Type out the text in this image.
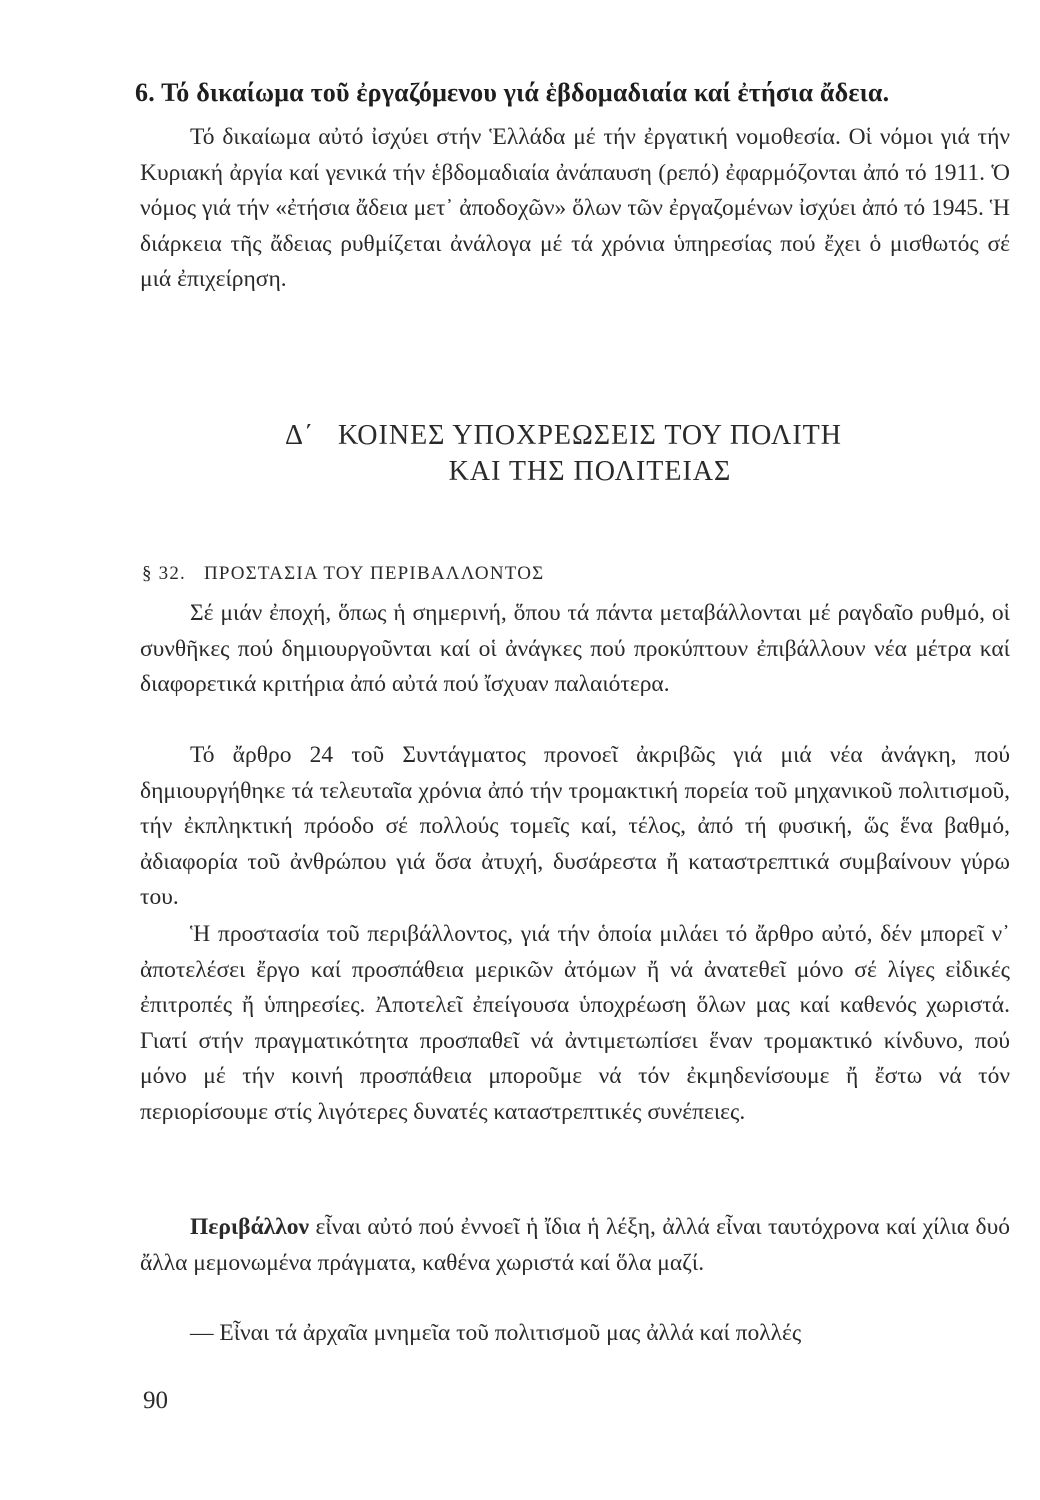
6. Τό δικαίωμα τοῦ ἐργαζόμενου γιά ἑβδομαδιαία καί ἐτήσια ἄδεια.

Τό δικαίωμα αὐτό ἰσχύει στήν Ἑλλάδα μέ τήν ἐργατική νομοθεσία. Οἱ νόμοι γιά τήν Κυριακή ἀργία καί γενικά τήν ἑβδομαδιαία ἀνάπαυση (ρεπό) ἐφαρμόζονται ἀπό τό 1911. Ὁ νόμος γιά τήν «ἐτήσια ἄδεια μετ᾽ ἀποδοχῶν» ὅλων τῶν ἐργαζομένων ἰσχύει ἀπό τό 1945. Ἡ διάρκεια τῆς ἄδειας ρυθμίζεται ἀνάλογα μέ τά χρόνια ὑπηρεσίας πού ἔχει ὁ μισθωτός σέ μιά ἐπιχείρηση.

Δ΄ ΚΟΙΝΕΣ ΥΠΟΧΡΕΩΣΕΙΣ ΤΟΥ ΠΟΛΙΤΗ
ΚΑΙ ΤΗΣ ΠΟΛΙΤΕΙΑΣ
§ 32. ΠΡΟΣΤΑΣΙΑ ΤΟΥ ΠΕΡΙΒΑΛΛΟΝΤΟΣ

Σέ μιάν ἐποχή, ὅπως ἡ σημερινή, ὅπου τά πάντα μεταβάλλονται μέ ραγδαῖο ρυθμό, οἱ συνθῆκες πού δημιουργοῦνται καί οἱ ἀνάγκες πού προκύπτουν ἐπιβάλλουν νέα μέτρα καί διαφορετικά κριτήρια ἀπό αὐτά πού ἴσχυαν παλαιότερα.

Τό ἄρθρο 24 τοῦ Συντάγματος προνοεῖ ἀκριβῶς γιά μιά νέα ἀνάγκη, πού δημιουργήθηκε τά τελευταῖα χρόνια ἀπό τήν τρομακτική πορεία τοῦ μηχανικοῦ πολιτισμοῦ, τήν ἐκπληκτική πρόοδο σέ πολλούς τομεῖς καί, τέλος, ἀπό τή φυσική, ὥς ἕνα βαθμό, ἀδιαφορία τοῦ ἀνθρώπου γιά ὅσα ἀτυχή, δυσάρεστα ἤ καταστρεπτικά συμβαίνουν γύρω του.

Ἡ προστασία τοῦ περιβάλλοντος, γιά τήν ὁποία μιλάει τό ἄρθρο αὐτό, δέν μπορεῖ ν᾽ ἀποτελέσει ἔργο καί προσπάθεια μερικῶν ἀτόμων ἤ νά ἀνατεθεῖ μόνο σέ λίγες εἰδικές ἐπιτροπές ἤ ὑπηρεσίες. Ἀποτελεῖ ἐπείγουσα ὑποχρέωση ὅλων μας καί καθενός χωριστά. Γιατί στήν πραγματικότητα προσπαθεῖ νά ἀντιμετωπίσει ἕναν τρομακτικό κίνδυνο, πού μόνο μέ τήν κοινή προσπάθεια μποροῦμε νά τόν ἐκμηδενίσουμε ἤ ἔστω νά τόν περιορίσουμε στίς λιγότερες δυνατές καταστρεπτικές συνέπειες.

Περιβάλλον εἶναι αὐτό πού ἐννοεῖ ἡ ἴδια ἡ λέξη, ἀλλά εἶναι ταυτόχρονα καί χίλια δυό ἄλλα μεμονωμένα πράγματα, καθένα χωριστά καί ὅλα μαζί.

— Εἶναι τά ἀρχαῖα μνημεῖα τοῦ πολιτισμοῦ μας ἀλλά καί πολλές

90
